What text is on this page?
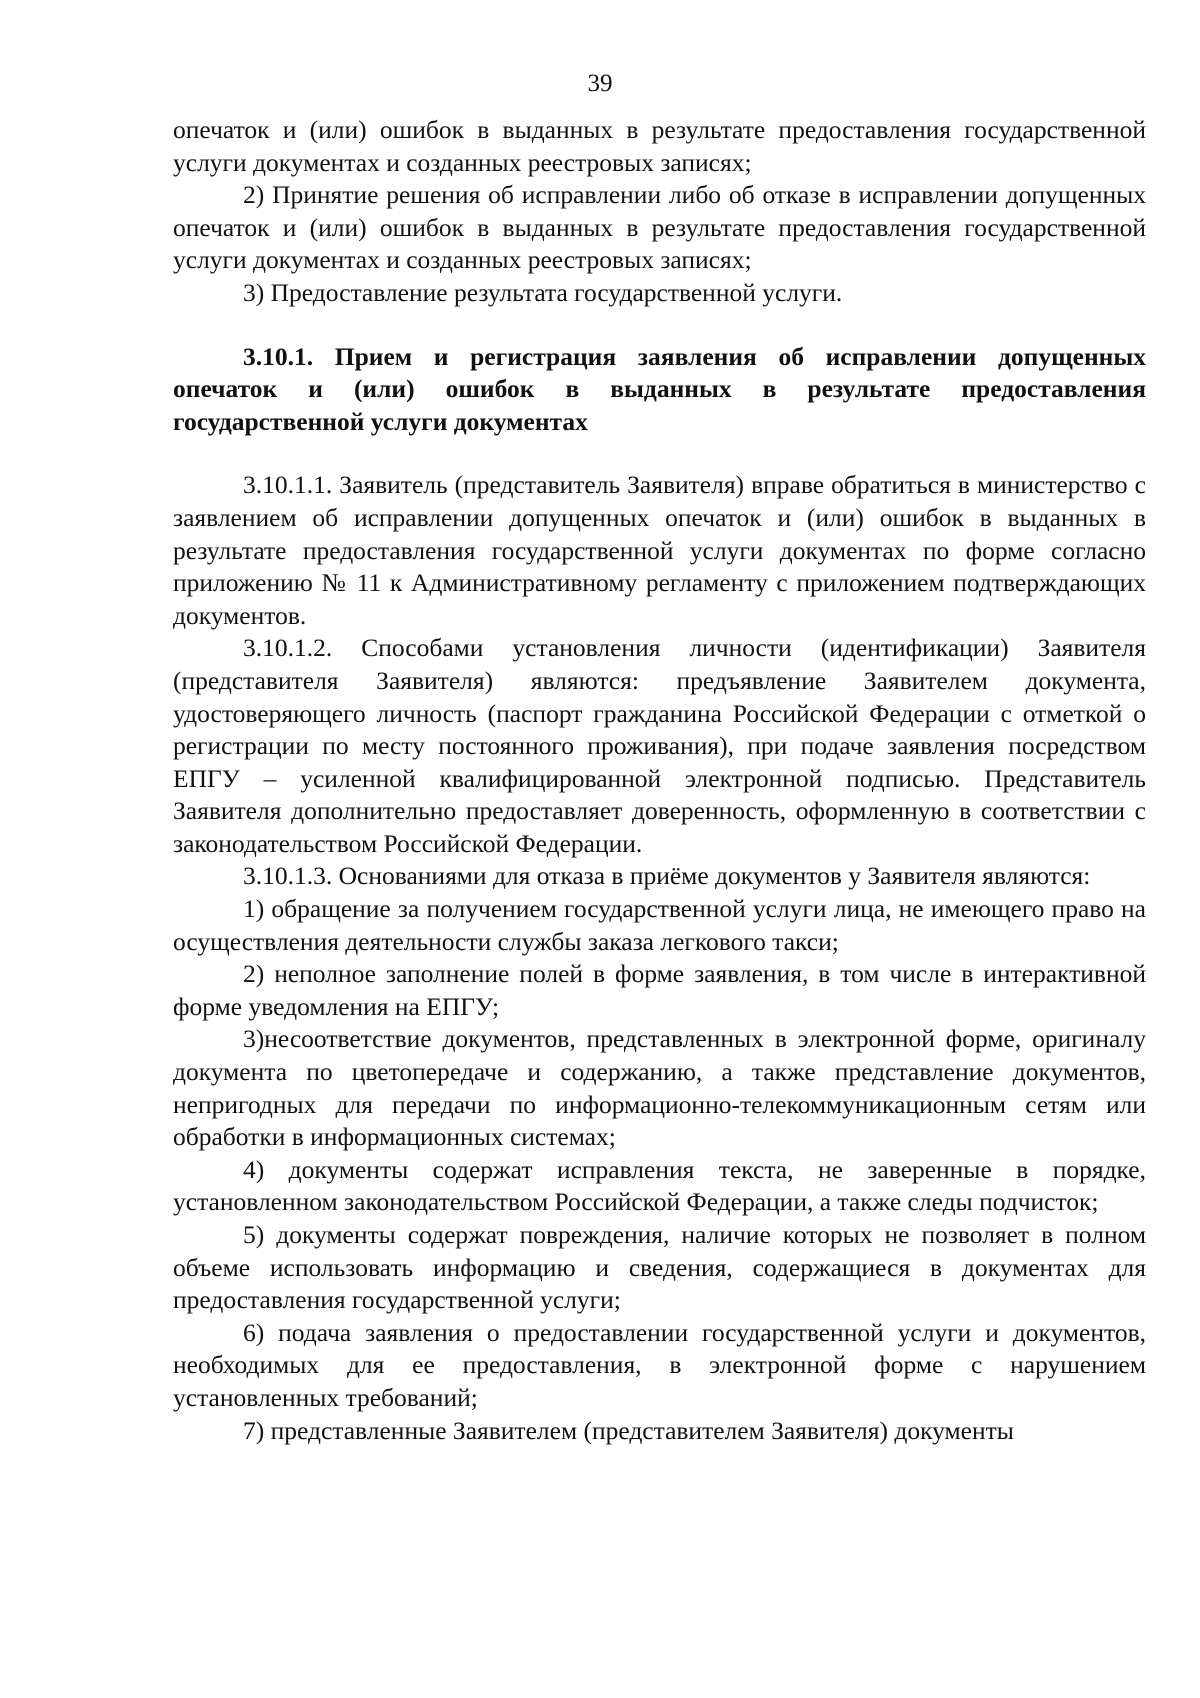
39

опечаток и (или) ошибок в выданных в результате предоставления государственной услуги документах и созданных реестровых записях;

2) Принятие решения об исправлении либо об отказе в исправлении допущенных опечаток и (или) ошибок в выданных в результате предоставления государственной услуги документах и созданных реестровых записях;

3) Предоставление результата государственной услуги.

3.10.1. Прием и регистрация заявления об исправлении допущенных опечаток и (или) ошибок в выданных в результате предоставления государственной услуги документах

3.10.1.1. Заявитель (представитель Заявителя) вправе обратиться в министерство с заявлением об исправлении допущенных опечаток и (или) ошибок в выданных в результате предоставления государственной услуги документах по форме согласно приложению № 11 к Административному регламенту с приложением подтверждающих документов.

3.10.1.2. Способами установления личности (идентификации) Заявителя (представителя Заявителя) являются: предъявление Заявителем документа, удостоверяющего личность (паспорт гражданина Российской Федерации с отметкой о регистрации по месту постоянного проживания), при подаче заявления посредством ЕПГУ – усиленной квалифицированной электронной подписью. Представитель Заявителя дополнительно предоставляет доверенность, оформленную в соответствии с законодательством Российской Федерации.

3.10.1.3. Основаниями для отказа в приёме документов у Заявителя являются:

1) обращение за получением государственной услуги лица, не имеющего право на осуществления деятельности службы заказа легкового такси;

2) неполное заполнение полей в форме заявления, в том числе в интерактивной форме уведомления на ЕПГУ;

3)несоответствие документов, представленных в электронной форме, оригиналу документа по цветопередаче и содержанию, а также представление документов, непригодных для передачи по информационно-телекоммуникационным сетям или обработки в информационных системах;

4) документы содержат исправления текста, не заверенные в порядке, установленном законодательством Российской Федерации, а также следы подчисток;

5) документы содержат повреждения, наличие которых не позволяет в полном объеме использовать информацию и сведения, содержащиеся в документах для предоставления государственной услуги;

6) подача заявления о предоставлении государственной услуги и документов, необходимых для ее предоставления, в электронной форме с нарушением установленных требований;

7) представленные Заявителем (представителем Заявителя) документы
